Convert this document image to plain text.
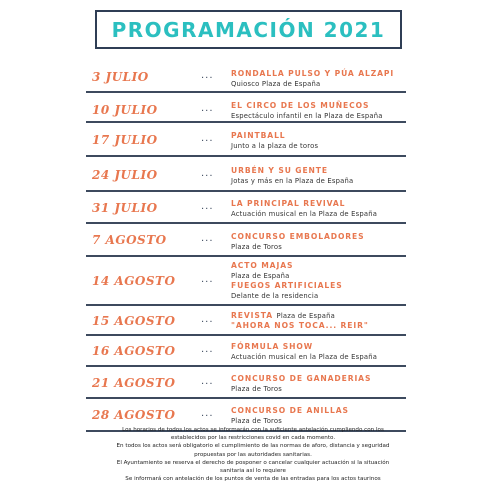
PROGRAMACIÓN 2021
3 JULIO	... RONDALLA PULSO Y PÚA ALZAPI
Quiosco Plaza de España
10 JULIO	... EL CIRCO DE LOS MUÑECOS
Espectáculo infantil en la Plaza de España
17 JULIO	... PAINTBALL
Junto a la plaza de toros
24 JULIO	... URBÉN Y SU GENTE
Jotas y más en la Plaza de España
31 JULIO	... LA PRINCIPAL REVIVAL
Actuación musical en la Plaza de España
7 AGOSTO	... CONCURSO EMBOLADORES
Plaza de Toros
14 AGOSTO	...
ACTO MAJAS
Plaza de España
FUEGOS ARTIFICIALES
Delante de la residencia
15 AGOSTO	... REVISTA Plaza de España
"AHORA NOS TOCA... REIR"
16 AGOSTO	... FÓRMULA SHOW
Actuación musical en la Plaza de España
21 AGOSTO	... CONCURSO DE GANADERIAS
Plaza de Toros
28 AGOSTO	... CONCURSO DE ANILLAS
Plaza de Toros
Los horarios de todos los actos se informarán con la suficiente antelación cumpliendo con los
establecidos por las restricciones covid en cada momento.
En todos los actos será obligatorio el cumplimiento de las normas de aforo, distancia y seguridad
propuestas por las autoridades sanitarias.
El Ayuntamiento se reserva el derecho de posponer o cancelar cualquier actuación si la situación
sanitaria así lo requiere
Se informará con antelación de los puntos de venta de las entradas para los actos taurinos
